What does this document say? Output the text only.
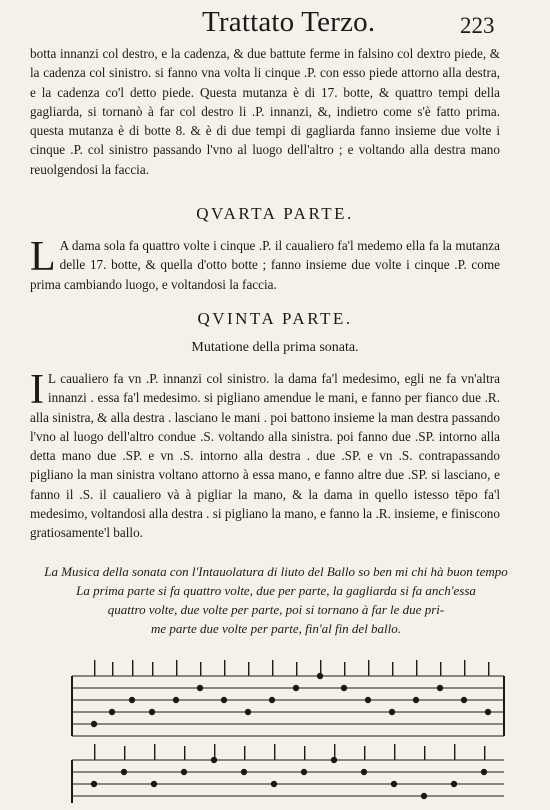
Trattato Terzo.	223

botta innanzi col destro, e la cadenza, & due battute ferme in falsino col dextro piede, & la cadenza col sinistro. si fanno vna volta li cinque .P. con esso piede attorno alla destra, e la cadenza co'l detto piede. Questa mutanza è di 17. botte, & quattro tempi della gagliarda, si tornanò à far col destro li .P. innanzi, &, indietro come s'è fatto prima. questa mutanza è di botte 8. & è di due tempi di gagliarda fanno insieme due volte i cinque .P. col sinistro passando l'vno al luogo dell'altro ; e voltando alla destra mano reuolgendosi la faccia.

QVARTA PARTE.
L A dama sola fa quattro volte i cinque .P. il caualiero fa'l medemo ella fa la mutanza delle 17. botte, & quella d'otto botte ; fanno insieme due volte i cinque .P. come prima cambiando luogo, e voltandosi la faccia.

QVINTA PARTE.
Mutatione della prima sonata.
I L caualiero fa vn .P. innanzi col sinistro. la dama fa'l medesimo, egli ne fa vn'altra innanzi . essa fa'l medesimo. si pigliano amendue le mani, e fanno per fianco due .R. alla sinistra, & alla destra . lasciano le mani . poi battono insieme la man destra passando l'vno al luogo dell'altro condue .S. voltando alla sinistra. poi fanno due .SP. intorno alla detta mano due .SP. e vn .S. intorno alla destra . due .SP. e vn .S. contrapassando pigliano la man sinistra voltano attorno à essa mano, e fanno altre due .SP. si lasciano, e fanno il .S. il caualiero và à pigliar la mano, & la dama in quello istesso tēpo fa'l medesimo, voltandosi alla destra . si pigliano la mano, e fanno la .R. insieme, e finiscono gratiosamente'l ballo.

La Musica della sonata con l'Intauolatura di liuto del Ballo so ben mi chi hà buon tempo

La prima parte si fa quattro volte, due per parte, la gagliarda si fa anch'essa

quattro volte, due volte per parte, poi si tornano à far le due pri-

me parte due volte per parte, fin'al fin del ballo.
